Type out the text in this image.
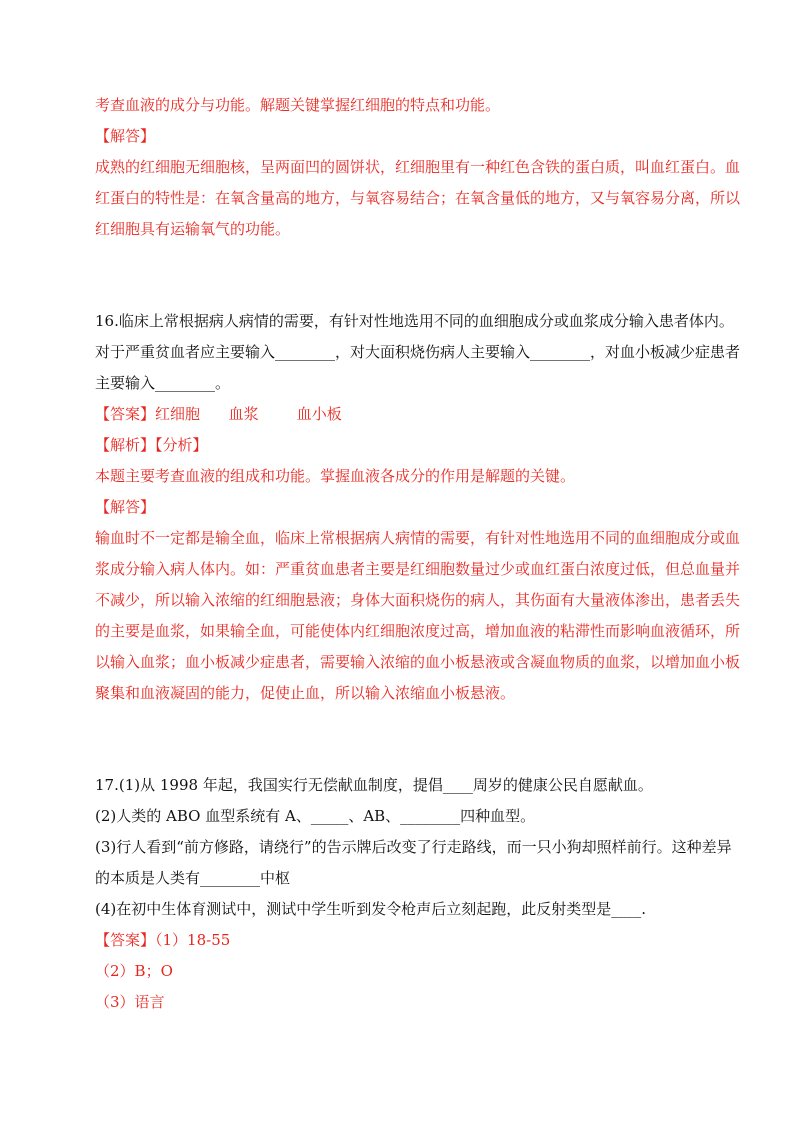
考查血液的成分与功能。解题关键掌握红细胞的特点和功能。
【解答】
成熟的红细胞无细胞核，呈两面凹的圆饼状，红细胞里有一种红色含铁的蛋白质，叫血红蛋白。血
红蛋白的特性是：在氧含量高的地方，与氧容易结合；在氧含量低的地方，又与氧容易分离，所以
红细胞具有运输氧气的功能。
16.临床上常根据病人病情的需要，有针对性地选用不同的血细胞成分或血浆成分输入患者体内。
对于严重贫血者应主要输入________，对大面积烧伤病人主要输入________，对血小板减少症患者
主要输入________。
【答案】红细胞      血浆        血小板
【解析】【分析】
本题主要考查血液的组成和功能。掌握血液各成分的作用是解题的关键。
【解答】
输血时不一定都是输全血，临床上常根据病人病情的需要，有针对性地选用不同的血细胞成分或血
浆成分输入病人体内。如：严重贫血患者主要是红细胞数量过少或血红蛋白浓度过低，但总血量并
不减少，所以输入浓缩的红细胞悬液；身体大面积烧伤的病人，其伤面有大量液体渗出，患者丢失
的主要是血浆，如果输全血，可能使体内红细胞浓度过高，增加血液的粘滞性而影响血液循环，所
以输入血浆；血小板减少症患者，需要输入浓缩的血小板悬液或含凝血物质的血浆，以增加血小板
聚集和血液凝固的能力，促使止血，所以输入浓缩血小板悬液。
17.(1)从 1998 年起，我国实行无偿献血制度，提倡____周岁的健康公民自愿献血。
(2)人类的 ABO 血型系统有 A、_____、AB、________四种血型。
(3)行人看到“前方修路，请绕行”的告示牌后改变了行走路线，而一只小狗却照样前行。这种差异
的本质是人类有________中枢
(4)在初中生体育测试中，测试中学生听到发令枪声后立刻起跑，此反射类型是____.
【答案】（1）18-55
（2）B；O
（3）语言
